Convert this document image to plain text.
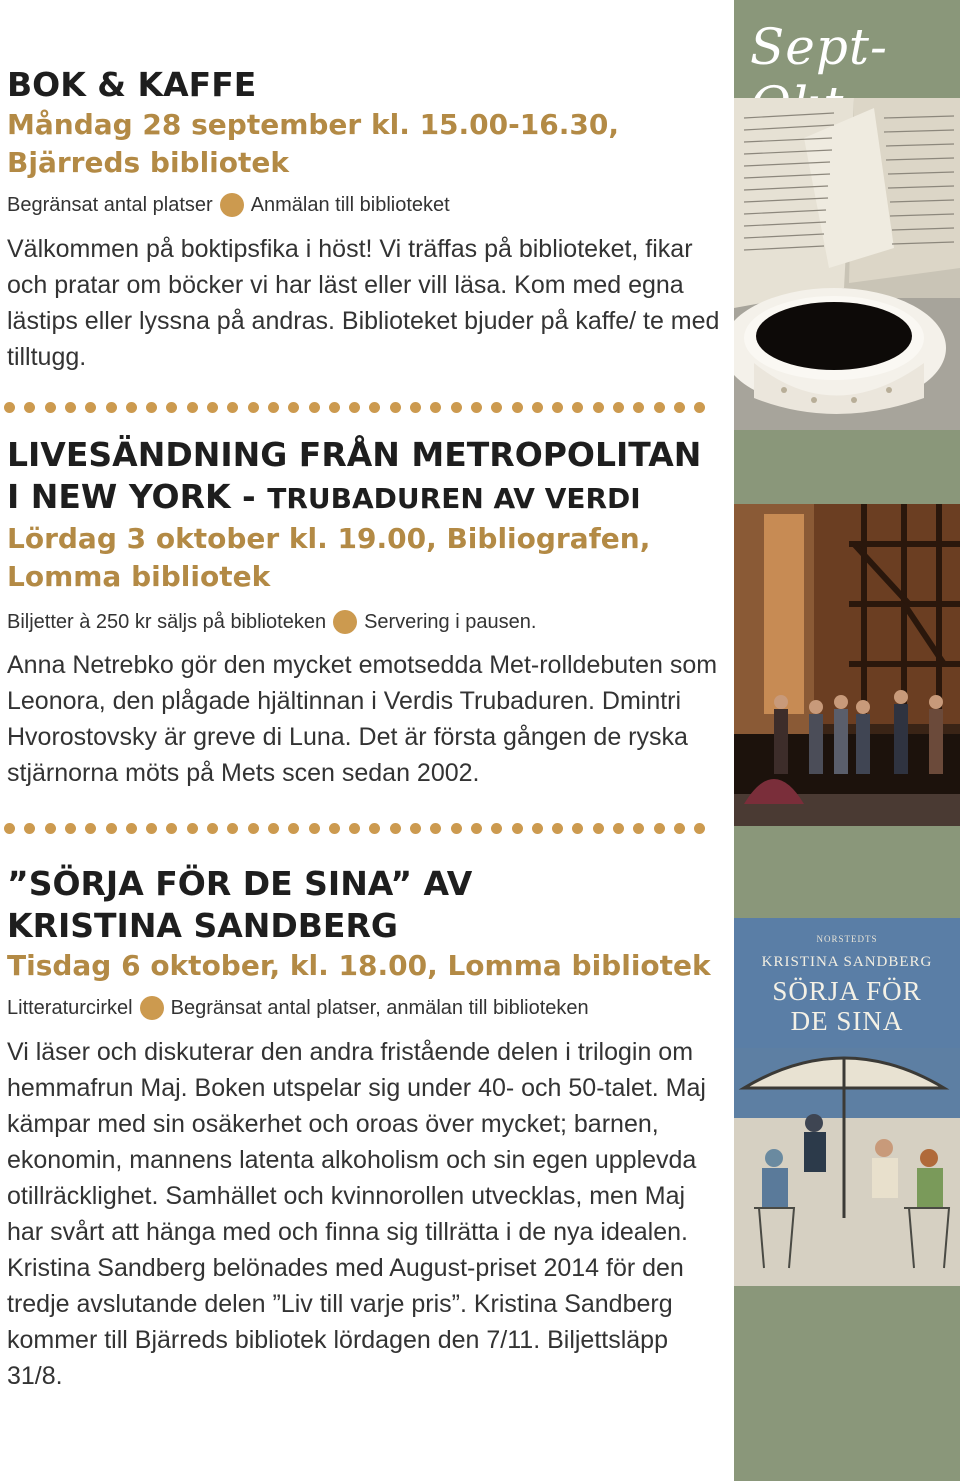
Sept-
NORSTEDTS
KRISTINA SANDBERG
SÖRJA FÖR
DE SINA
BOK & KAFFE

Måndag 28 september kl. 15.00-16.30,

Bjärreds bibliotek

Begränsat antal platser Anmälan till biblioteket

Välkommen på boktipsfika i höst! Vi träffas på biblioteket, fikar och pratar om böcker vi har läst eller vill läsa. Kom med egna lästips eller lyssna på andras. Biblioteket bjuder på kaffe/ te med tilltugg.

LIVESÄNDNING FRÅN METROPOLITAN
I NEW YORK - TRUBADUREN AV VERDI

Lördag 3 oktober kl. 19.00, Bibliografen,

Lomma bibliotek

Biljetter à 250 kr säljs på biblioteken Servering i pausen.

Anna Netrebko gör den mycket emotsedda Met-rolldebuten som Leonora, den plågade hjältinnan i Verdis Trubaduren. Dmintri Hvorostovsky är greve di Luna. Det är första gången de ryska stjärnorna möts på Mets scen sedan 2002.

”SÖRJA FÖR DE SINA” AV
KRISTINA SANDBERG

Tisdag 6 oktober, kl. 18.00, Lomma bibliotek

Litteraturcirkel Begränsat antal platser, anmälan till biblioteken

Vi läser och diskuterar den andra fristående delen i trilogin om hemmafrun Maj. Boken utspelar sig under 40- och 50-talet. Maj kämpar med sin osäkerhet och oroas över mycket; barnen, ekonomin, mannens latenta alkoholism och sin egen upplevda otillräcklighet. Samhället och kvinnorollen utvecklas, men Maj har svårt att hänga med och finna sig tillrätta i de nya idealen. Kristina Sandberg belönades med August-priset 2014 för den tredje avslutande delen ”Liv till varje pris”. Kristina Sandberg kommer till Bjärreds bibliotek lördagen den 7/11. Biljettsläpp 31/8.
